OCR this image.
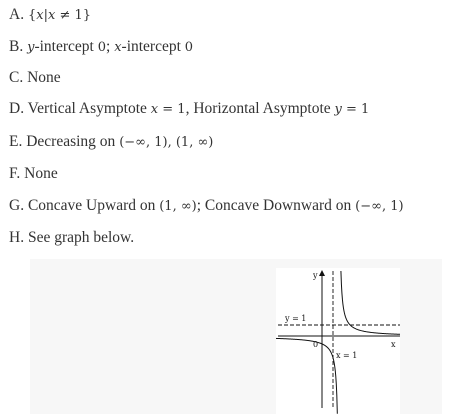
A. {x|x ≠ 1}
B. y-intercept 0; x-intercept 0
C. None
D. Vertical Asymptote x = 1, Horizontal Asymptote y = 1
E. Decreasing on (−∞, 1), (1, ∞)
F. None
G. Concave Upward on (1, ∞); Concave Downward on (−∞, 1)
H. See graph below.
y
x
0
y = 1
x = 1
